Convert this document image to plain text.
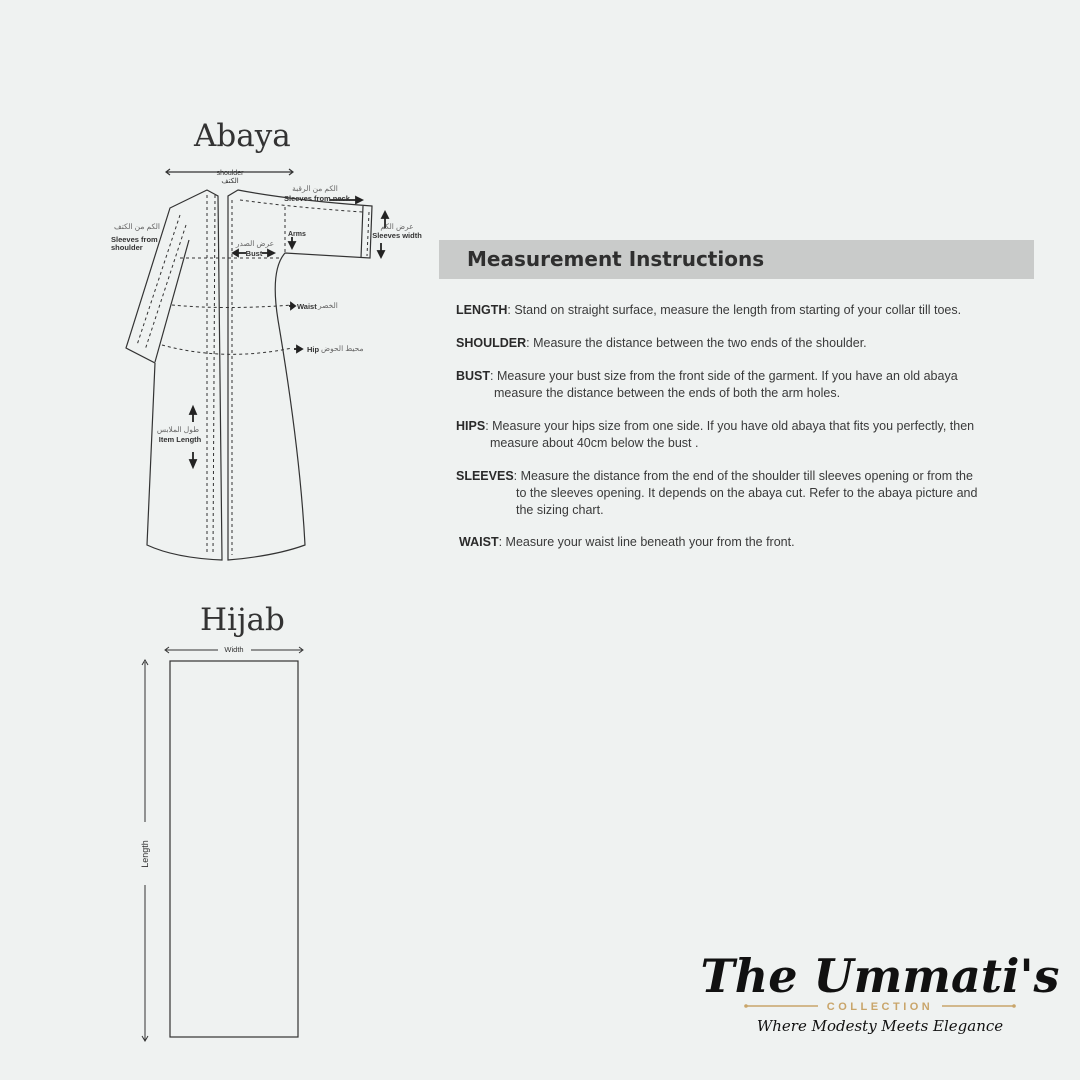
Abaya
shoulder
الكتف
الكم من الرقبة
Sleeves from neck
عرض الكم
Sleeves width
الكم من الكتف
Sleeves from
shoulder
Arms
عرض الصدر
Bust
Waist الخصر
Hip محيط الحوض
طول الملابس
Item Length
Width
Length
Hijab
Measurement Instructions
LENGTH: Stand on straight surface, measure the length from starting of your collar till toes.
SHOULDER: Measure the distance between the two ends of the shoulder.
BUST: Measure your bust size from the front side of the garment. If you have an old abaya
measure the distance between the ends of both the arm holes.
HIPS: Measure your hips size from one side. If you have old abaya that fits you perfectly, then
measure about 40cm below the bust .
SLEEVES: Measure the distance from the end of the shoulder till sleeves opening or from the
to the sleeves opening. It depends on the abaya cut. Refer to the abaya picture and
the sizing chart.
WAIST: Measure your waist line beneath your from the front.
The Ummati's
COLLECTION
Where Modesty Meets Elegance
